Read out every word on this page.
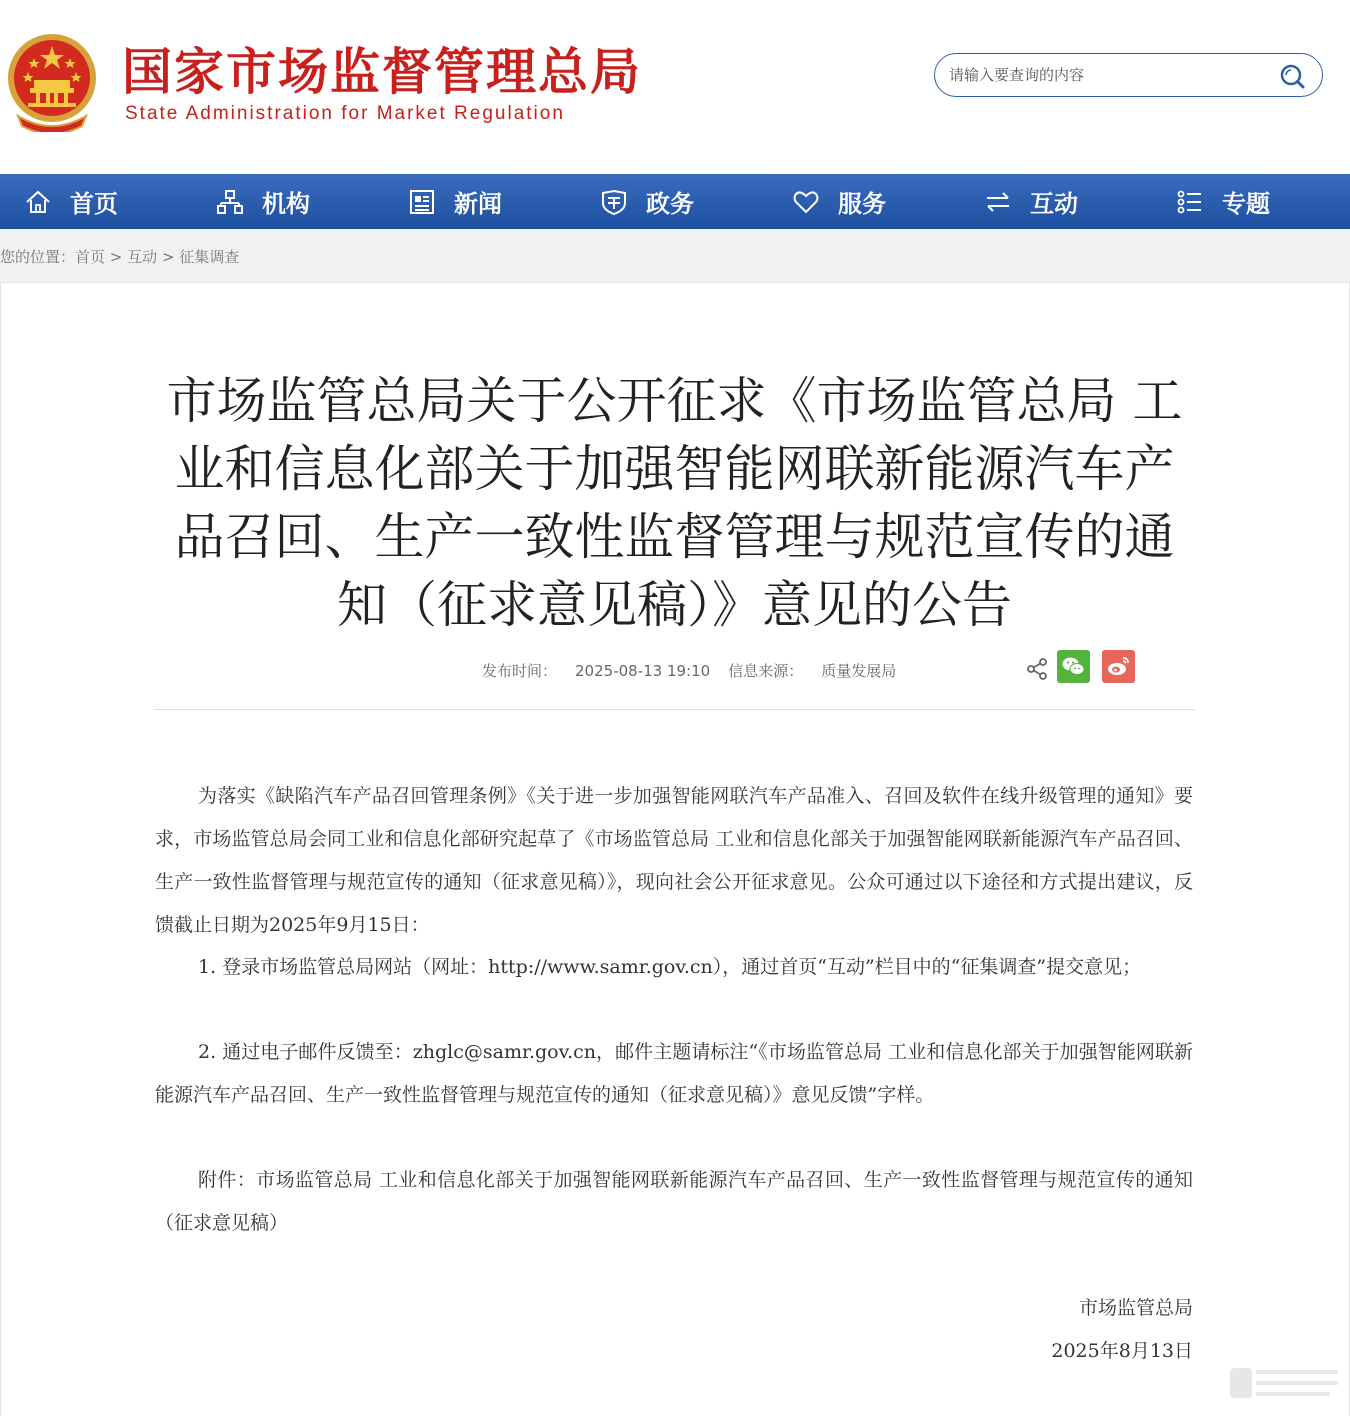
国家市场监督管理总局
State Administration for Market Regulation
请输入要查询的内容
首页	机构	新闻	政务	服务	互动	专题
您的位置：首页 > 互动 > 征集调查
市场监管总局关于公开征求《市场监管总局 工业和信息化部关于加强智能网联新能源汽车产品召回、生产一致性监督管理与规范宣传的通知（征求意见稿）》意见的公告
发布时间： 2025-08-13 19:10 信息来源： 质量发展局

为落实《缺陷汽车产品召回管理条例》《关于进一步加强智能网联汽车产品准入、召回及软件在线升级管理的通知》要求，市场监管总局会同工业和信息化部研究起草了《市场监管总局 工业和信息化部关于加强智能网联新能源汽车产品召回、生产一致性监督管理与规范宣传的通知（征求意见稿）》，现向社会公开征求意见。公众可通过以下途径和方式提出建议，反馈截止日期为2025年9月15日：

1. 登录市场监管总局网站（网址：http://www.samr.gov.cn），通过首页“互动”栏目中的“征集调查”提交意见；

2. 通过电子邮件反馈至：zhglc@samr.gov.cn，邮件主题请标注“《市场监管总局 工业和信息化部关于加强智能网联新能源汽车产品召回、生产一致性监督管理与规范宣传的通知（征求意见稿）》意见反馈”字样。

附件：市场监管总局 工业和信息化部关于加强智能网联新能源汽车产品召回、生产一致性监督管理与规范宣传的通知（征求意见稿）

市场监管总局
2025年8月13日
